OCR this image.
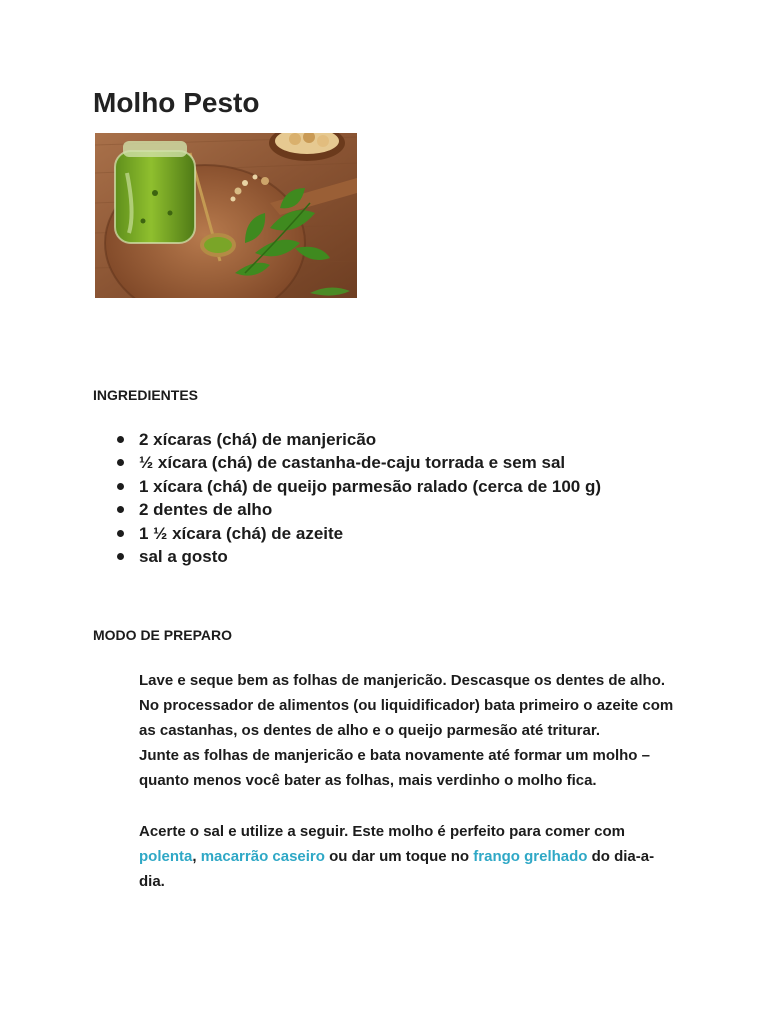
Molho Pesto
INGREDIENTES
2 xícaras (chá) de manjericão
½ xícara (chá) de castanha-de-caju torrada e sem sal
1 xícara (chá) de queijo parmesão ralado (cerca de 100 g)
2 dentes de alho
1 ½ xícara (chá) de azeite
sal a gosto
MODO DE PREPARO

Lave e seque bem as folhas de manjericão. Descasque os dentes de alho.

No processador de alimentos (ou liquidificador) bata primeiro o azeite com as castanhas, os dentes de alho e o queijo parmesão até triturar.

Junte as folhas de manjericão e bata novamente até formar um molho – quanto menos você bater as folhas, mais verdinho o molho fica.

Acerte o sal e utilize a seguir. Este molho é perfeito para comer com polenta, macarrão caseiro ou dar um toque no frango grelhado do dia-a-dia.
